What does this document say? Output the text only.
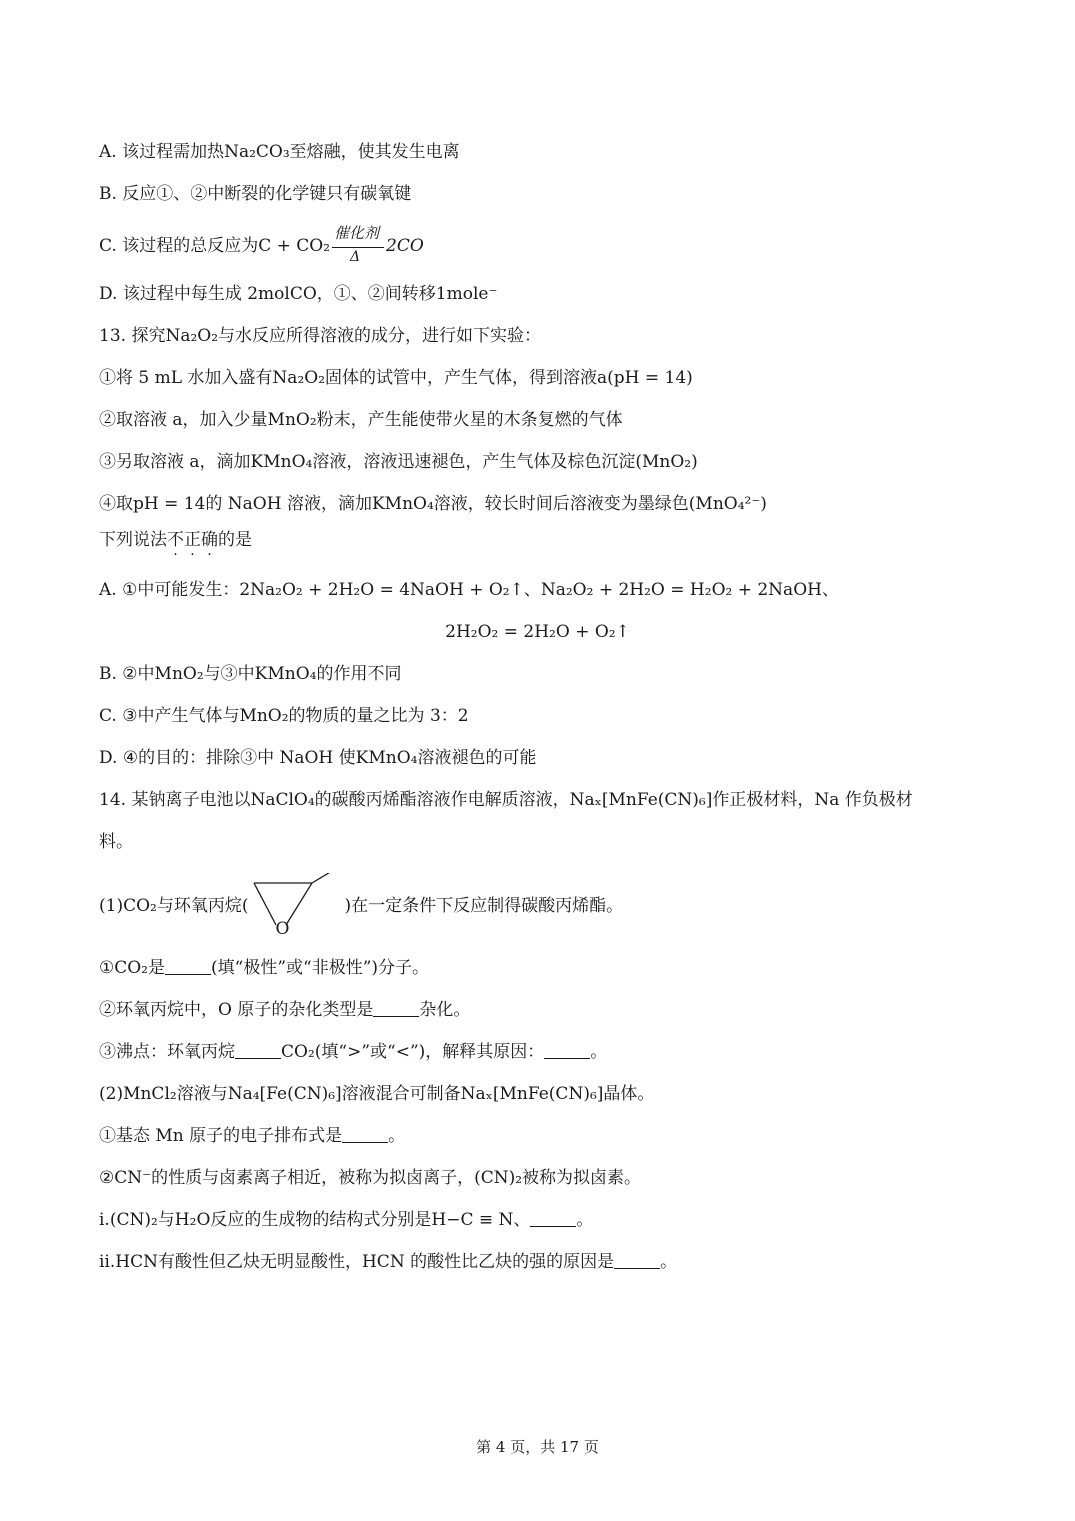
A. 该过程需加热Na₂CO₃至熔融，使其发生电离
B. 反应①、②中断裂的化学键只有碳氧键
C. 该过程的总反应为C + CO₂
催化剂
Δ
2CO
D. 该过程中每生成 2molCO，①、②间转移1mole⁻
13. 探究Na₂O₂与水反应所得溶液的成分，进行如下实验：
①将 5 mL 水加入盛有Na₂O₂固体的试管中，产生气体，得到溶液a(pH = 14)
②取溶液 a，加入少量MnO₂粉末，产生能使带火星的木条复燃的气体
③另取溶液 a，滴加KMnO₄溶液，溶液迅速褪色，产生气体及棕色沉淀(MnO₂)
④取pH = 14的 NaOH 溶液，滴加KMnO₄溶液，较长时间后溶液变为墨绿色(MnO₄²⁻)
下列说法不正确的是
A. ①中可能发生：2Na₂O₂ + 2H₂O = 4NaOH + O₂↑、Na₂O₂ + 2H₂O = H₂O₂ + 2NaOH、
2H₂O₂ = 2H₂O + O₂↑
B. ②中MnO₂与③中KMnO₄的作用不同
C. ③中产生气体与MnO₂的物质的量之比为 3：2
D. ④的目的：排除③中 NaOH 使KMnO₄溶液褪色的可能
14. 某钠离子电池以NaClO₄的碳酸丙烯酯溶液作电解质溶液，Naₓ[MnFe(CN)₆]作正极材料，Na 作负极材
料。
(1)CO₂与环氧丙烷(
O
)在一定条件下反应制得碳酸丙烯酯。
①CO₂是	(填“极性”或“非极性”)分子。
②环氧丙烷中，O 原子的杂化类型是	杂化。
③沸点：环氧丙烷	CO₂(填“>”或“<”)，解释其原因：	。
(2)MnCl₂溶液与Na₄[Fe(CN)₆]溶液混合可制备Naₓ[MnFe(CN)₆]晶体。
①基态 Mn 原子的电子排布式是	。
②CN⁻的性质与卤素离子相近，被称为拟卤离子，(CN)₂被称为拟卤素。
ⅰ.(CN)₂与H₂O反应的生成物的结构式分别是H−C ≡ N、	。
ⅱ.HCN有酸性但乙炔无明显酸性，HCN 的酸性比乙炔的强的原因是	。
第 4 页，共 17 页
